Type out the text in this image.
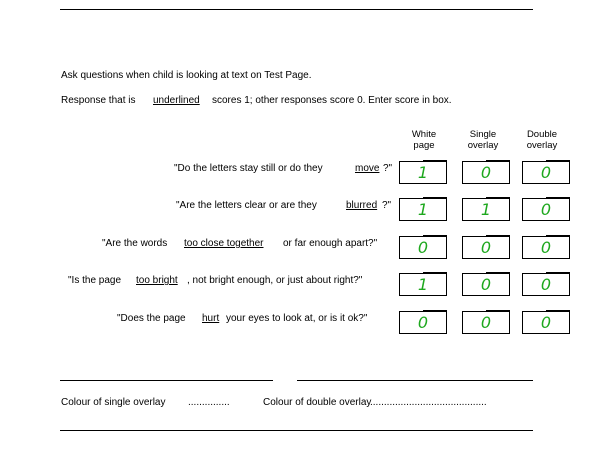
Ask questions when child is looking at text on Test Page.
Response that is underlined scores 1; other responses score 0. Enter score in box.
White
page
Single
overlay
Double
overlay
"Do the letters stay still or do they	move ?"	1	0	0
"Are the letters clear or are they	blurred ?"	1	1	0
"Are the words too close together or far enough apart?"	0	0	0
"Is the page too bright , not bright enough, or just about right?"	1	0	0
"Does the page hurt your eyes to look at, or is it ok?"	0	0	0
Colour of single overlay ...............	Colour of double overlay
..........................................
